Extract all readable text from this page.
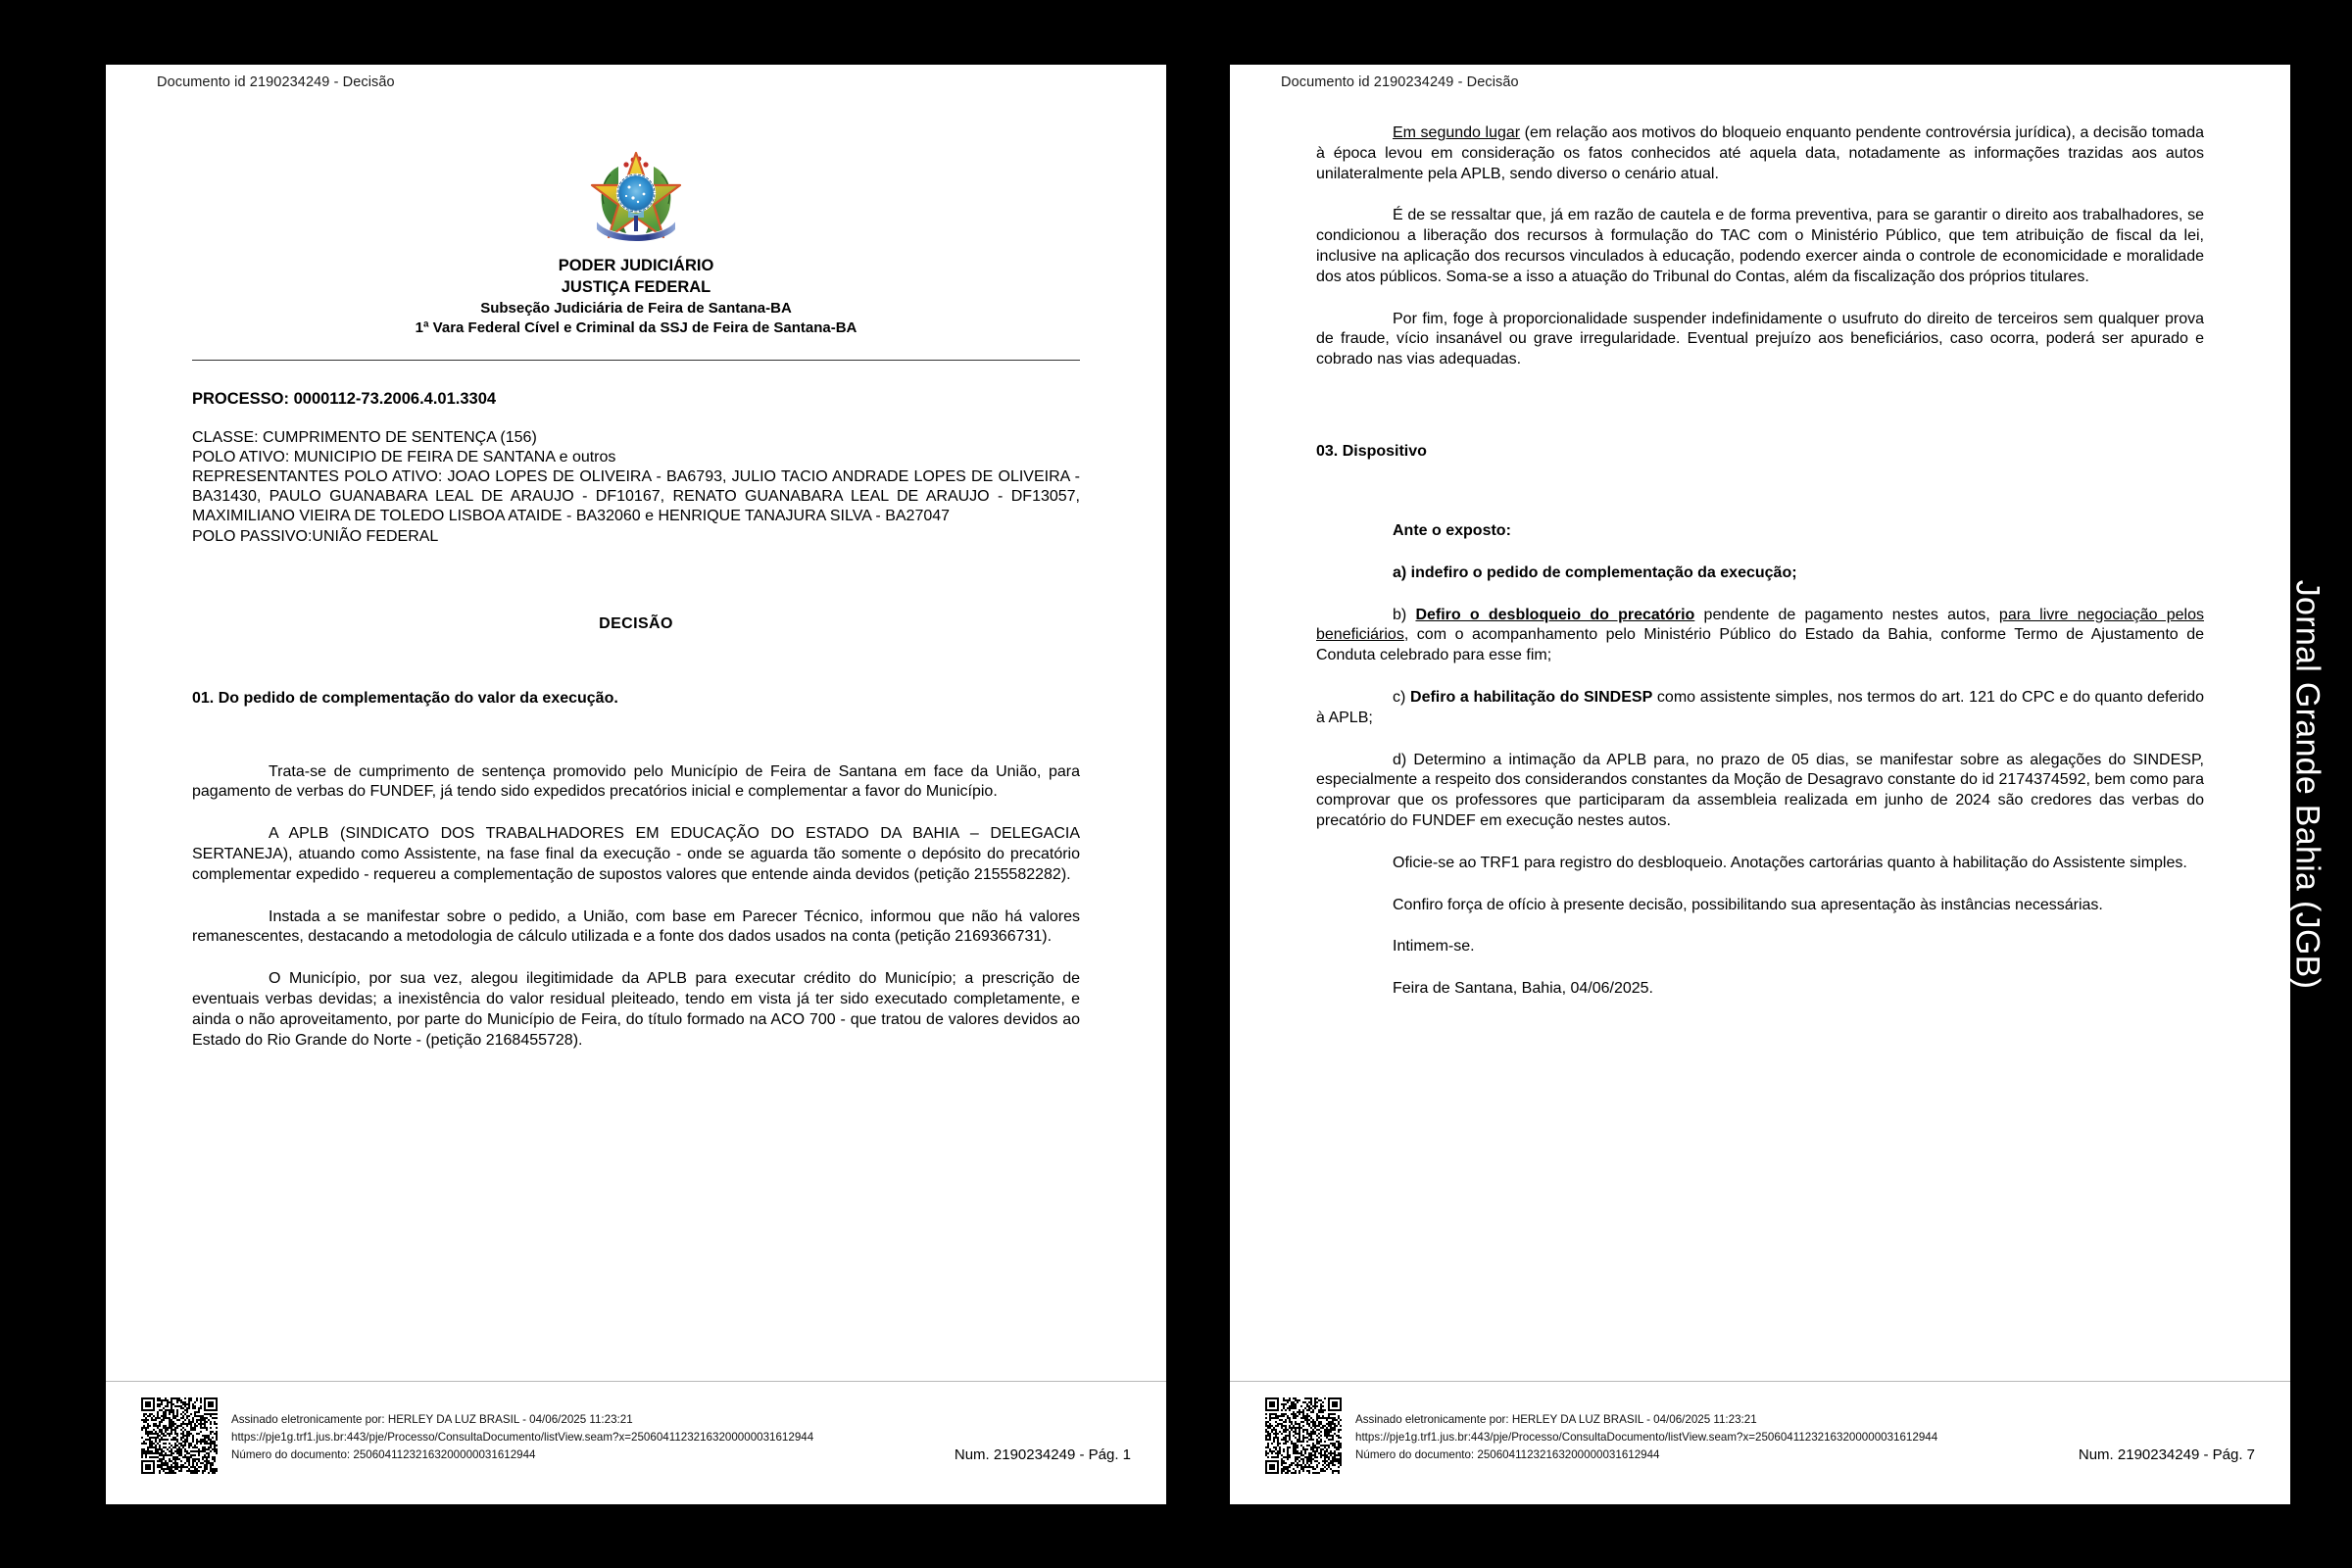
Documento id 2190234249 - Decisão
PODER JUDICIÁRIO
JUSTIÇA FEDERAL
Subseção Judiciária de Feira de Santana-BA
1ª Vara Federal Cível e Criminal da SSJ de Feira de Santana-BA
PROCESSO: 0000112-73.2006.4.01.3304
CLASSE: CUMPRIMENTO DE SENTENÇA (156)
POLO ATIVO: MUNICIPIO DE FEIRA DE SANTANA e outros
REPRESENTANTES POLO ATIVO: JOAO LOPES DE OLIVEIRA - BA6793, JULIO TACIO ANDRADE LOPES DE OLIVEIRA - BA31430, PAULO GUANABARA LEAL DE ARAUJO - DF10167, RENATO GUANABARA LEAL DE ARAUJO - DF13057, MAXIMILIANO VIEIRA DE TOLEDO LISBOA ATAIDE - BA32060 e HENRIQUE TANAJURA SILVA - BA27047
POLO PASSIVO:UNIÃO FEDERAL
DECISÃO
01. Do pedido de complementação do valor da execução.

Trata-se de cumprimento de sentença promovido pelo Município de Feira de Santana em face da União, para pagamento de verbas do FUNDEF, já tendo sido expedidos precatórios inicial e complementar a favor do Município.

A APLB (SINDICATO DOS TRABALHADORES EM EDUCAÇÃO DO ESTADO DA BAHIA – DELEGACIA SERTANEJA), atuando como Assistente, na fase final da execução - onde se aguarda tão somente o depósito do precatório complementar expedido - requereu a complementação de supostos valores que entende ainda devidos (petição 2155582282).

Instada a se manifestar sobre o pedido, a União, com base em Parecer Técnico, informou que não há valores remanescentes, destacando a metodologia de cálculo utilizada e a fonte dos dados usados na conta (petição 2169366731).

O Município, por sua vez, alegou ilegitimidade da APLB para executar crédito do Município; a prescrição de eventuais verbas devidas; a inexistência do valor residual pleiteado, tendo em vista já ter sido executado completamente, e ainda o não aproveitamento, por parte do Município de Feira, do título formado na ACO 700 - que tratou de valores devidos ao Estado do Rio Grande do Norte - (petição 2168455728).

Assinado eletronicamente por: HERLEY DA LUZ BRASIL - 04/06/2025 11:23:21
https://pje1g.trf1.jus.br:443/pje/Processo/ConsultaDocumento/listView.seam?x=25060411232163200000031612944
Número do documento: 25060411232163200000031612944	Num. 2190234249 - Pág. 1
Documento id 2190234249 - Decisão

Em segundo lugar (em relação aos motivos do bloqueio enquanto pendente controvérsia jurídica), a decisão tomada à época levou em consideração os fatos conhecidos até aquela data, notadamente as informações trazidas aos autos unilateralmente pela APLB, sendo diverso o cenário atual.

É de se ressaltar que, já em razão de cautela e de forma preventiva, para se garantir o direito aos trabalhadores, se condicionou a liberação dos recursos à formulação do TAC com o Ministério Público, que tem atribuição de fiscal da lei, inclusive na aplicação dos recursos vinculados à educação, podendo exercer ainda o controle de economicidade e moralidade dos atos públicos. Soma-se a isso a atuação do Tribunal do Contas, além da fiscalização dos próprios titulares.

Por fim, foge à proporcionalidade suspender indefinidamente o usufruto do direito de terceiros sem qualquer prova de fraude, vício insanável ou grave irregularidade. Eventual prejuízo aos beneficiários, caso ocorra, poderá ser apurado e cobrado nas vias adequadas.

03. Dispositivo

Ante o exposto:

a) indefiro o pedido de complementação da execução;

b) Defiro o desbloqueio do precatório pendente de pagamento nestes autos, para livre negociação pelos beneficiários, com o acompanhamento pelo Ministério Público do Estado da Bahia, conforme Termo de Ajustamento de Conduta celebrado para esse fim;

c) Defiro a habilitação do SINDESP como assistente simples, nos termos do art. 121 do CPC e do quanto deferido à APLB;

d) Determino a intimação da APLB para, no prazo de 05 dias, se manifestar sobre as alegações do SINDESP, especialmente a respeito dos considerandos constantes da Moção de Desagravo constante do id 2174374592, bem como para comprovar que os professores que participaram da assembleia realizada em junho de 2024 são credores das verbas do precatório do FUNDEF em execução nestes autos.

Oficie-se ao TRF1 para registro do desbloqueio. Anotações cartorárias quanto à habilitação do Assistente simples.

Confiro força de ofício à presente decisão, possibilitando sua apresentação às instâncias necessárias.

Intimem-se.

Feira de Santana, Bahia, 04/06/2025.

Assinado eletronicamente por: HERLEY DA LUZ BRASIL - 04/06/2025 11:23:21
https://pje1g.trf1.jus.br:443/pje/Processo/ConsultaDocumento/listView.seam?x=25060411232163200000031612944
Número do documento: 25060411232163200000031612944	Num. 2190234249 - Pág. 7
Jornal Grande Bahia (JGB)
